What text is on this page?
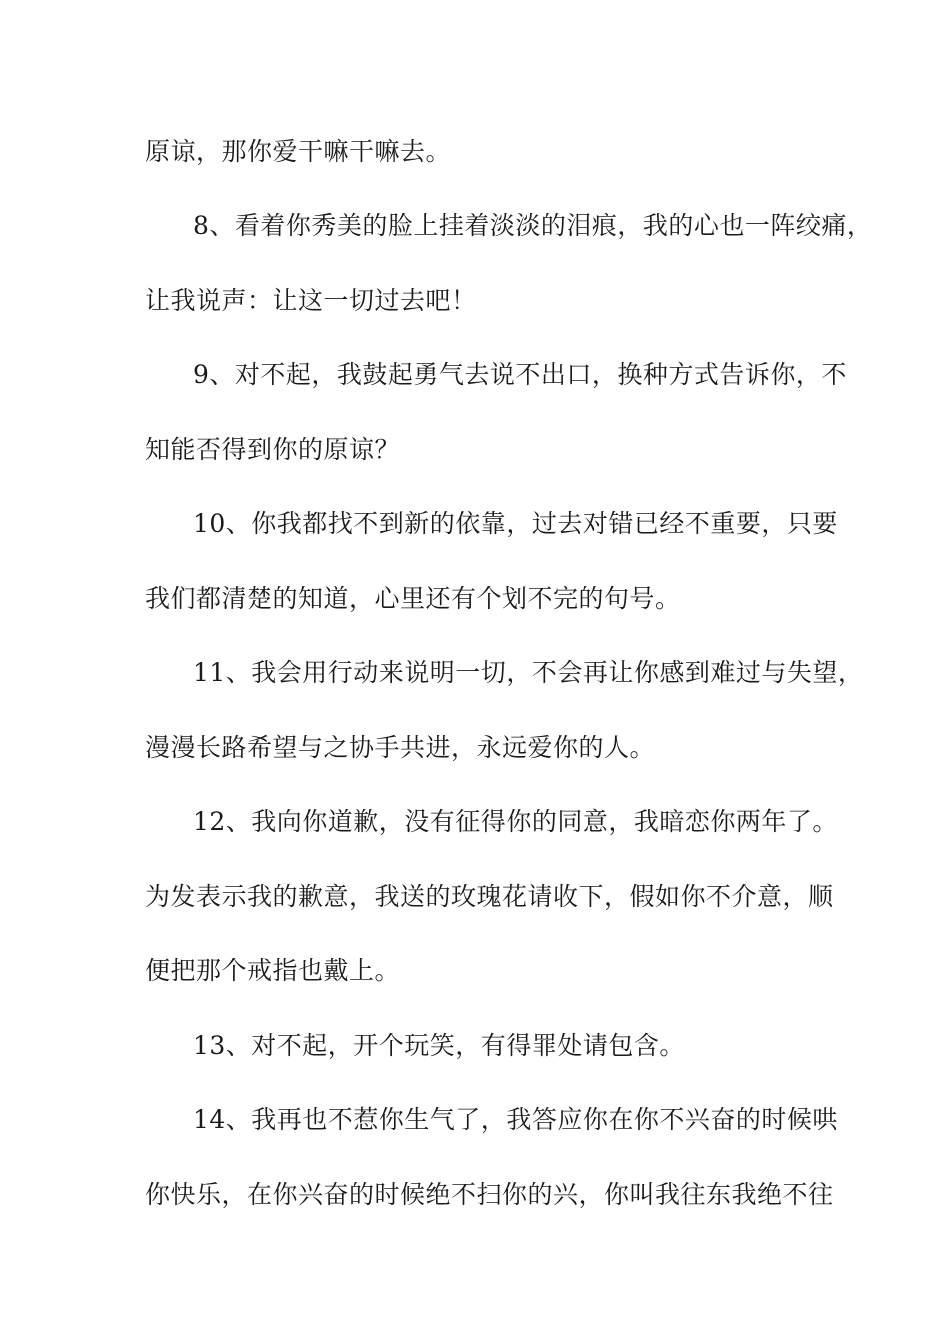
原谅，那你爱干嘛干嘛去。
8、看着你秀美的脸上挂着淡淡的泪痕，我的心也一阵绞痛，
让我说声：让这一切过去吧！
9、对不起，我鼓起勇气去说不出口，换种方式告诉你，不
知能否得到你的原谅？
10、你我都找不到新的依靠，过去对错已经不重要，只要
我们都清楚的知道，心里还有个划不完的句号。
11、我会用行动来说明一切，不会再让你感到难过与失望，
漫漫长路希望与之协手共进，永远爱你的人。
12、我向你道歉，没有征得你的同意，我暗恋你两年了。
为发表示我的歉意，我送的玫瑰花请收下，假如你不介意，顺
便把那个戒指也戴上。
13、对不起，开个玩笑，有得罪处请包含。
14、我再也不惹你生气了，我答应你在你不兴奋的时候哄
你快乐，在你兴奋的时候绝不扫你的兴，你叫我往东我绝不往
